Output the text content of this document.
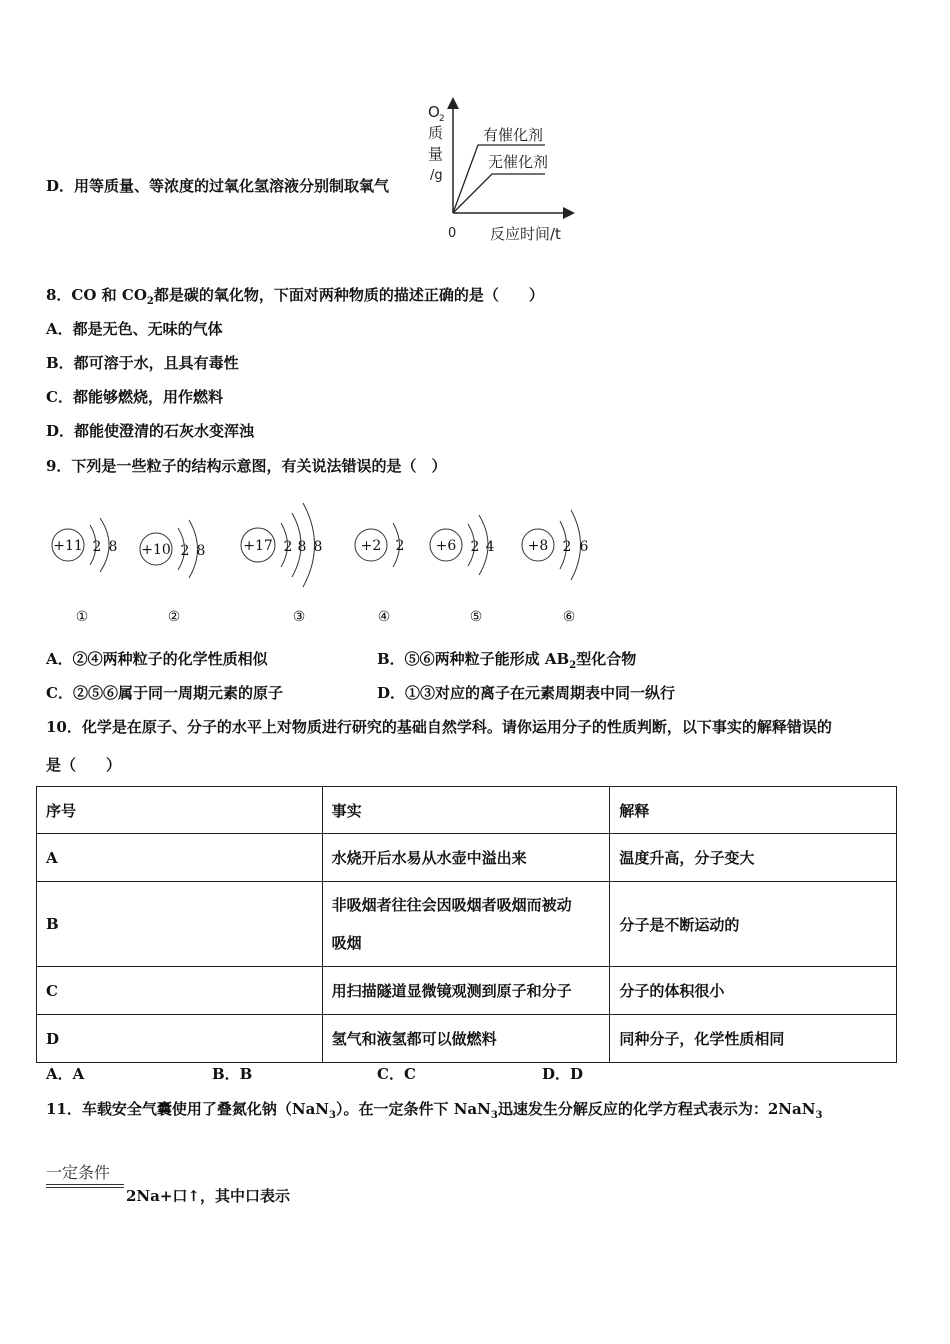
D．用等质量、等浓度的过氧化氢溶液分别制取氧气
O 2
质
量
/g
0 反应时间/t
有催化剂
无催化剂
8．CO 和 $CO_2$都是碳的氧化物，下面对两种物质的描述正确的是（　　）
A．都是无色、无味的气体
B．都可溶于水，且具有毒性
C．都能够燃烧，用作燃料
D．都能使澄清的石灰水变浑浊
9．下列是一些粒子的结构示意图，有关说法错误的是（　）
+11 2 8
①
+10 2 8
②
+17 2 8 8
③
+2 2
④
+6 2 4
⑤
+8 2 6
⑥
A．②④两种粒子的化学性质相似	B．⑤⑥两种粒子能形成 $AB_2$型化合物
C．②⑤⑥属于同一周期元素的原子	D．①③对应的离子在元素周期表中同一纵行
10．化学是在原子、分子的水平上对物质进行研究的基础自然学科。请你运用分子的性质判断，以下事实的解释错误的
是（　　）
序号	事实	解释
A	水烧开后水易从水壶中溢出来	温度升高，分子变大
B	非吸烟者往往会因吸烟者吸烟而被动
吸烟	分子是不断运动的
C	用扫描隧道显微镜观测到原子和分子	分子的体积很小
D	氢气和液氢都可以做燃料	同种分子，化学性质相同
A．A	B．B	C．C	D．D
11．车载安全气囊使用了叠氮化钠（NaN$_3$）。在一定条件下 NaN$_3$迅速发生分解反应的化学方程式表示为：2NaN$_3$
一定条件
2Na+口↑，其中口表示
